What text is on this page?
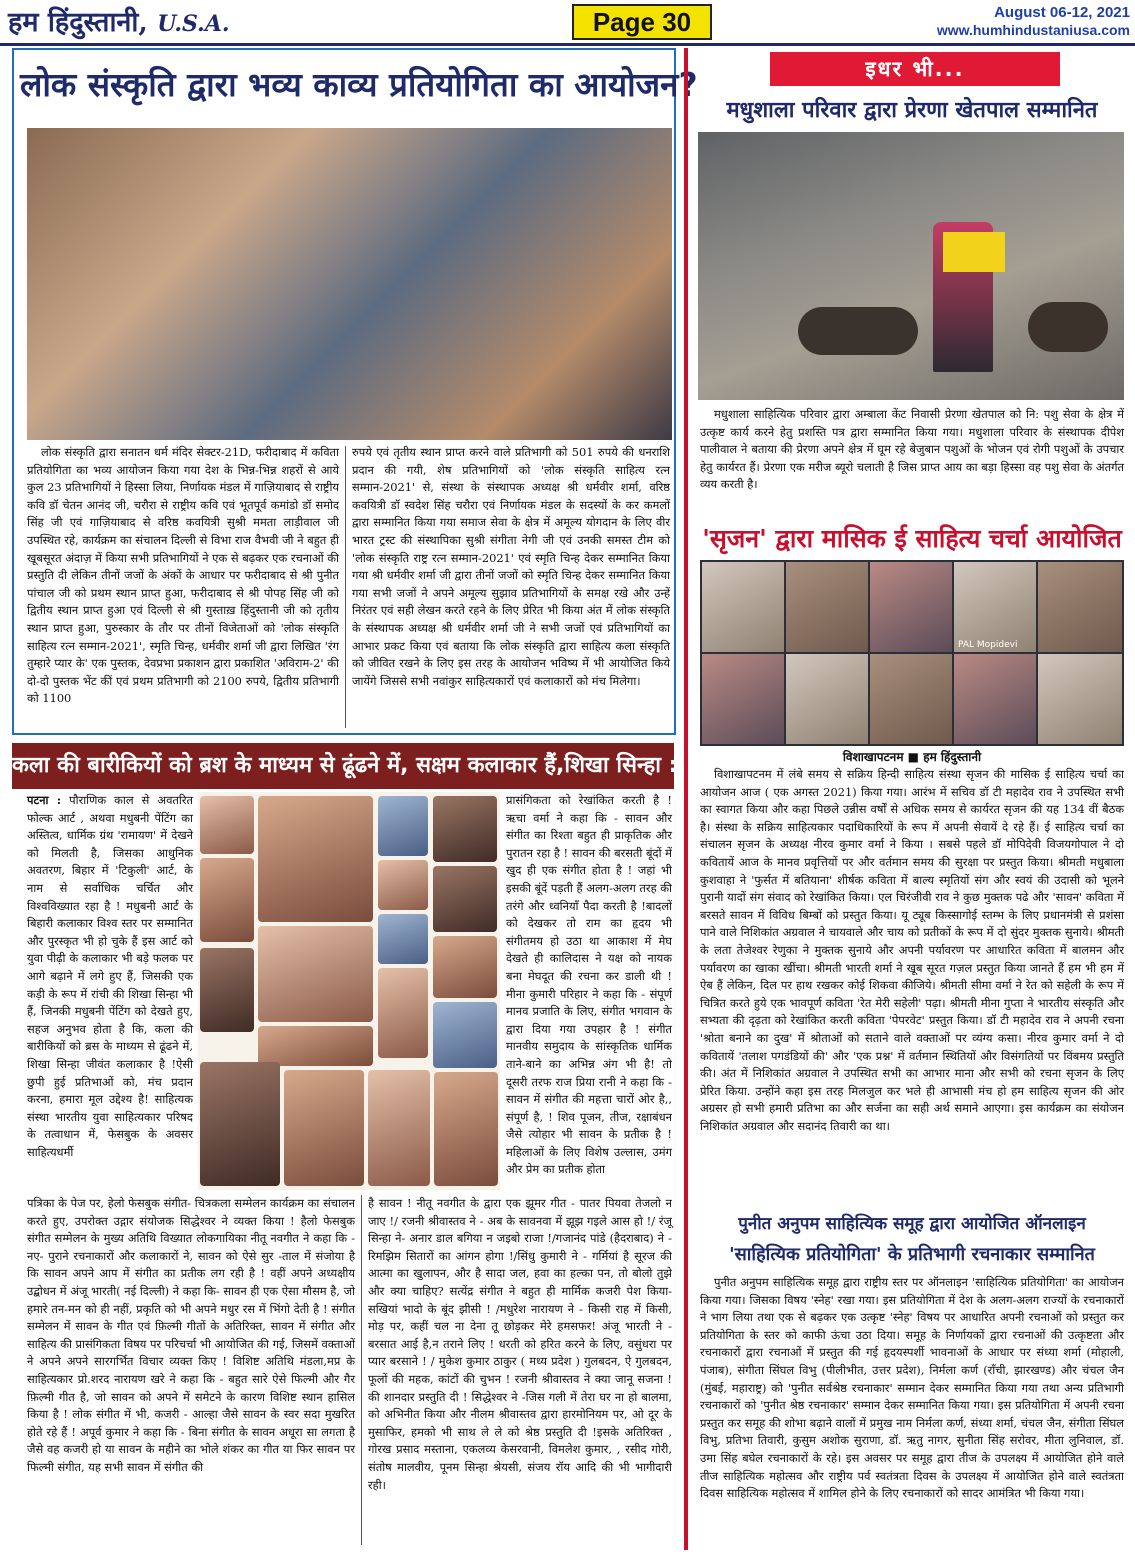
हम हिंदुस्तानी, U.S.A.	Page 30	August 06-12, 2021
www.humhindustaniusa.com
लोक संस्कृति द्वारा भव्य काव्य प्रतियोगिता का आयोजन?

लोक संस्कृति द्वारा सनातन धर्म मंदिर सेक्टर-21D, फरीदाबाद में कविता प्रतियोगिता का भव्य आयोजन किया गया देश के भिन्न-भिन्न शहरों से आये कुल 23 प्रतिभागियों ने हिस्सा लिया, निर्णायक मंडल में गाज़ियाबाद से राष्ट्रीय कवि डॉ चेतन आनंद जी, चरौरा से राष्ट्रीय कवि एवं भूतपूर्व कमांडो डॉ समोद सिंह जी एवं गाज़ियाबाद से वरिष्ठ कवयित्री सुश्री ममता लाड़ीवाल जी उपस्थित रहे, कार्यक्रम का संचालन दिल्ली से विभा राज वैभवी जी ने बहुत ही खूबसूरत अंदाज़ में किया सभी प्रतिभागियों ने एक से बढ़कर एक रचनाओं की प्रस्तुति दी लेकिन तीनों जजों के अंकों के आधार पर फरीदाबाद से श्री पुनीत पांचाल जी को प्रथम स्थान प्राप्त हुआ, फरीदाबाद से श्री पोपह सिंह जी को द्वितीय स्थान प्राप्त हुआ एवं दिल्ली से श्री गुस्ताख़ हिंदुस्तानी जी को तृतीय स्थान प्राप्त हुआ, पुरुस्कार के तौर पर तीनों विजेताओं को 'लोक संस्कृति साहित्य रत्न सम्मान-2021', स्मृति चिन्ह, धर्मवीर शर्मा जी द्वारा लिखित 'रंग तुम्हारे प्यार के' एक पुस्तक, देवप्रभा प्रकाशन द्वारा प्रकाशित 'अविराम-2' की दो-दो पुस्तक भेंट कीं एवं प्रथम प्रतिभागी को 2100 रुपये, द्वितीय प्रतिभागी को 1100

रुपये एवं तृतीय स्थान प्राप्त करने वाले प्रतिभागी को 501 रुपये की धनराशि प्रदान की गयी, शेष प्रतिभागियों को 'लोक संस्कृति साहित्य रत्न सम्मान-2021' से, संस्था के संस्थापक अध्यक्ष श्री धर्मवीर शर्मा, वरिष्ठ कवयित्री डॉ स्वदेश सिंह चरौरा एवं निर्णायक मंडल के सदस्यों के कर कमलों द्वारा सम्मानित किया गया समाज सेवा के क्षेत्र में अमूल्य योगदान के लिए वीर भारत ट्रस्ट की संस्थापिका सुश्री संगीता नेगी जी एवं उनकी समस्त टीम को 'लोक संस्कृति राष्ट्र रत्न सम्मान-2021' एवं स्मृति चिन्ह देकर सम्मानित किया गया श्री धर्मवीर शर्मा जी द्वारा तीनों जजों को स्मृति चिन्ह देकर सम्मानित किया गया सभी जजों ने अपने अमूल्य सुझाव प्रतिभागियों के समक्ष रखे और उन्हें निरंतर एवं सही लेखन करते रहने के लिए प्रेरित भी किया अंत में लोक संस्कृति के संस्थापक अध्यक्ष श्री धर्मवीर शर्मा जी ने सभी जजों एवं प्रतिभागियों का आभार प्रकट किया एवं बताया कि लोक संस्कृति द्वारा साहित्य कला संस्कृति को जीवित रखने के लिए इस तरह के आयोजन भविष्य में भी आयोजित किये जायेंगे जिससे सभी नवांकुर साहित्यकारों एवं कलाकारों को मंच मिलेगा।

कला की बारीकियों को ब्रश के माध्यम से ढूंढने में, सक्षम कलाकार हैं,शिखा सिन्हा : सिद्धेश्वर

पटना : पौराणिक काल से अवतरित फोल्क आर्ट , अथवा मधुबनी पेंटिंग का अस्तित्व, धार्मिक ग्रंथ 'रामायण' में देखने को मिलती है, जिसका आधुनिक अवतरण, बिहार में 'टिकुली' आर्ट, के नाम से सर्वाधिक चर्चित और विश्वविख्यात रहा है ! मधुबनी आर्ट के बिहारी कलाकार विश्व स्तर पर सम्मानित और पुरस्कृत भी हो चुके हैं इस आर्ट को युवा पीढ़ी के कलाकार भी बड़े फलक पर आगे बढ़ाने में लगे हुए हैं, जिसकी एक कड़ी के रूप में रांची की शिखा सिन्हा भी हैं, जिनकी मधुबनी पेंटिंग को देखते हुए, सहज अनुभव होता है कि, कला की बारीकियों को ब्रस के माध्यम से ढूंढने में, शिखा सिन्हा जीवंत कलाकार है !ऐसी छुपी हुई प्रतिभाओं को, मंच प्रदान करना, हमारा मूल उद्देश्य है! साहित्यक संस्था भारतीय युवा साहित्यकार परिषद के तत्वाधान में, फेसबुक के अवसर साहित्यधर्मी

प्रासंगिकता को रेखांकित करती है ! ऋचा वर्मा ने कहा कि - सावन और संगीत का रिश्ता बहुत ही प्राकृतिक और पुरातन रहा है ! सावन की बरसती बूंदों में खुद ही एक संगीत होता है ! जहां भी इसकी बूंदें पड़ती हैं अलग-अलग तरह की तरंगे और ध्वनियाँ पैदा करती है !बादलों को देखकर तो राम का हृदय भी संगीतमय हो उठा था आकाश में मेघ देखते ही कालिदास ने यक्ष को नायक बना मेघदूत की रचना कर डाली थी ! मीना कुमारी परिहार ने कहा कि - संपूर्ण मानव प्रजाति के लिए, संगीत भगवान के द्वारा दिया गया उपहार है ! संगीत मानवीय समुदाय के सांस्कृतिक धार्मिक ताने-बाने का अभिन्न अंग भी है! तो दूसरी तरफ राज प्रिया रानी ने कहा कि - सावन में संगीत की महत्ता चारों ओर है,, संपूर्ण है, ! शिव पूजन, तीज, रक्षाबंधन जैसे त्योहार भी सावन के प्रतीक है !महिलाओं के लिए विशेष उल्लास, उमंग और प्रेम का प्रतीक होता

पत्रिका के पेज पर, हेलो फेसबुक संगीत- चित्रकला सम्मेलन कार्यक्रम का संचालन करते हुए, उपरोक्त उद्गार संयोजक सिद्धेश्वर ने व्यक्त किया ! हैलो फेसबुक संगीत सम्मेलन के मुख्य अतिथि विख्यात लोकगायिका नीतू नवगीत ने कहा कि - नए- पुराने रचनाकारों और कलाकारों ने, सावन को ऐसे सुर -ताल में संजोया है कि सावन अपने आप में संगीत का प्रतीक लग रही है ! वहीं अपने अध्यक्षीय उद्बोधन में अंजू भारती( नई दिल्ली) ने कहा कि- सावन ही एक ऐसा मौसम है, जो हमारे तन-मन को ही नहीं, प्रकृति को भी अपने मधुर रस में भिंगो देती है ! संगीत सम्मेलन में सावन के गीत एवं फ़िल्मी गीतों के अतिरिक्त, सावन में संगीत और साहित्य की प्रासंगिकता विषय पर परिचर्चा भी आयोजित की गई, जिसमें वक्ताओं ने अपने अपने सारगर्भित विचार व्यक्त किए ! विशिष्ट अतिथि मंडला,मप्र के साहित्यकार प्रो.शरद नारायण खरे ने कहा कि - बहुत सारे ऐसे फिल्मी और गैर फ़िल्मी गीत है, जो सावन को अपने में समेटने के कारण विशिष्ट स्थान हासिल किया है ! लोक संगीत में भी, कजरी - आल्हा जैसे सावन के स्वर सदा मुखरित होते रहे हैं ! अपूर्व कुमार ने कहा कि - बिना संगीत के सावन अधूरा सा लगता है जैसे वह कजरी हो या सावन के महीने का भोले शंकर का गीत या फिर सावन पर फिल्मी संगीत, यह सभी सावन में संगीत की

है सावन ! नीतू नवगीत के द्वारा एक झूमर गीत - पातर पियवा तेजलो न जाए !/ रजनी श्रीवास्तव ने - अब के सावनवा में झूझ गइले आस हो !/ रंजू सिन्हा ने- अनार डाल बगिया न जइबो राजा !/गजानंद पांडे (हैदराबाद) ने - रिमझिम सितारों का आंगन होगा !/सिंधु कुमारी ने - गर्मियां है सूरज की आत्मा का खुलापन, और है सादा जल, हवा का हल्का पन, तो बोलो तुझे और क्या चाहिए? सत्येंद्र संगीत ने बहुत ही मार्मिक कजरी पेश किया- सखियां भादो के बूंद झीसी ! /मधुरेश नारायण ने - किसी राह में किसी, मोड़ पर, कहीं चल ना देना तू छोड़कर मेरे हमसफर! अंजू भारती ने - बरसात आई है,न‍ तराने लिए ! धरती को हरित करने के लिए, वसुंधरा पर प्यार बरसाने ! / मुकेश कुमार ठाकुर ( मध्य प्रदेश ) गुलबदन, ऐ गुलबदन, फूलों की महक, कांटों की चुभन ! रजनी श्रीवास्तव ने क्या जानू सजना ! की शानदार प्रस्तुति दी ! सिद्धेश्वर ने -जिस गली में तेरा घर ना हो बालमा, को अभिनीत किया और नीलम श्रीवास्तव द्वारा हारमोनियम पर, ओ दूर के मुसाफिर, हमको भी साथ ले ले को श्रेष्ठ प्रस्तुति दी !इसके अतिरिक्त , गोरख प्रसाद मस्ताना, एकलव्य केसरवानी, विमलेश कुमार, , रसीद गोरी, संतोष मालवीय, पूनम सिन्हा श्रेयसी, संजय रॉय आदि की भी भागीदारी रही।

इधर भी...
मधुशाला परिवार द्वारा प्रेरणा खेतपाल सम्मानित

मधुशाला साहित्यिक परिवार द्वारा अम्बाला केंट निवासी प्रेरणा खेतपाल को नि: पशु सेवा के क्षेत्र में उत्कृष्ट कार्य करने हेतु प्रशस्ति पत्र द्वारा सम्मानित किया गया। मधुशाला परिवार के संस्थापक दीपेश पालीवाल ने बताया की प्रेरणा अपने क्षेत्र में घूम रहे बेजुबान पशुओं के भोजन एवं रोगी पशुओं के उपचार हेतु कार्यरत हैं। प्रेरणा एक मरीज ब्यूरो चलाती है जिस प्राप्त आय का बड़ा हिस्सा वह पशु सेवा के अंतर्गत व्यय करती है।

'सृजन' द्वारा मासिक ई साहित्य चर्चा आयोजित
PAL Mopidevi
विशाखापटनम ■ हम हिंदुस्तानी

विशाखापटनम में लंबे समय से सक्रिय हिन्दी साहित्य संस्था सृजन की मासिक ई साहित्य चर्चा का आयोजन आज ( एक अगस्त 2021) किया गया। आरंभ में सचिव डॉ टी महादेव राव ने उपस्थित सभी का स्वागत किया और कहा पिछले उन्नीस वर्षों से अधिक समय से कार्यरत सृजन की यह 134 वीं बैठक है। संस्था के सक्रिय साहित्यकार पदाधिकारियों के रूप में अपनी सेवायें दे रहे हैं। ई साहित्य चर्चा का संचालन सृजन के अध्यक्ष नीरव कुमार वर्मा ने किया । सबसे पहले डॉ मोपिदेवी विजयगोपाल ने दो कवितायें आज के मानव प्रवृत्तियों पर और वर्तमान समय की सुरक्षा पर प्रस्तुत किया। श्रीमती मधुबाला कुशवाहा ने 'फुर्सत में बतियाना' शीर्षक कविता में बाल्य स्मृतियों संग और स्वयं की उदासी को भूलने पुरानी यादों संग संवाद को रेखांकित किया। एल चिरंजीवी राव ने कुछ मुक्तक पढे और 'सावन' कविता में बरसते सावन में विविध बिम्बों को प्रस्तुत किया। यू ट्यूब किस्सागोई स्तम्भ के लिए प्रधानमंत्री से प्रशंसा पाने वाले निशिकांत अग्रवाल ने चायवाले और चाय को प्रतीकों के रूप में दो सुंदर मुक्तक सुनाये। श्रीमती के लता तेजेश्वर रेणुका ने मुक्तक सुनाये और अपनी पर्यावरण पर आधारित कविता में बालमन और पर्यावरण का खाका खींचा। श्रीमती भारती शर्मा ने खूब सूरत गज़ल प्रस्तुत किया जानते हैं हम भी हम में ऐब हैं लेकिन, दिल पर हाथ रखकर कोई शिकवा कीजिये। श्रीमती सीमा वर्मा ने रेत को सहेली के रूप में चित्रित करते हुये एक भावपूर्ण कविता 'रेत मेरी सहेली' पढ़ा। श्रीमती मीना गुप्ता ने भारतीय संस्कृति और सभ्यता की दृढ़ता को रेखांकित करती कविता 'पेपरवेट' प्रस्तुत किया। डॉ टी महादेव राव ने अपनी रचना 'श्रोता बनाने का दुख' में श्रोताओं को सताने वाले वक्ताओं पर व्यंग्य कसा। नीरव कुमार वर्मा ने दो कवितायें 'तलाश पगडंडियों की' और 'एक प्रश्न' में वर्तमान स्थितियों और विसंगतियों पर विंबमय प्रस्तुति की। अंत में निशिकांत अग्रवाल ने उपस्थित सभी का आभार माना और सभी को रचना सृजन के लिए प्रेरित किया. उन्होंने कहा इस तरह मिलजुल कर भले ही आभासी मंच हो हम साहित्य सृजन की ओर अग्रसर हो सभी हमारी प्रतिभा का और सर्जना का सही अर्थ समाने आएगा। इस कार्यक्रम का संयोजन निशिकांत अग्रवाल और सदानंद तिवारी का था।

पुनीत अनुपम साहित्यिक समूह द्वारा आयोजित ऑनलाइन
'साहित्यिक प्रतियोगिता' के प्रतिभागी रचनाकार सम्मानित

पुनीत अनुपम साहित्यिक समूह द्वारा राष्ट्रीय स्तर पर ऑनलाइन 'साहित्यिक प्रतियोगिता' का आयोजन किया गया। जिसका विषय 'स्नेह' रखा गया। इस प्रतियोगिता में देश के अलग-अलग राज्यों के रचनाकारों ने भाग लिया तथा एक से बढ़कर एक उत्कृष्ट 'स्नेह' विषय पर आधारित अपनी रचनाओं को प्रस्तुत कर प्रतियोगिता के स्तर को काफी ऊंचा उठा दिया। समूह के निर्णायकों द्वारा रचनाओं की उत्कृष्टता और रचनाकारों द्वारा रचनाओं में प्रस्तुत की गई हृदयस्पर्शी भावनाओं के आधार पर संध्या शर्मा (मोहाली, पंजाब), संगीता सिंघल विभु (पीलीभीत, उत्तर प्रदेश), निर्मला कर्ण (राँची, झारखण्ड) और चंचल जैन (मुंबई, महाराष्ट्र) को 'पुनीत सर्वश्रेष्ठ रचनाकार' सम्मान देकर सम्मानित किया गया तथा अन्य प्रतिभागी रचनाकारों को 'पुनीत श्रेष्ठ रचनाकार' सम्मान देकर सम्मानित किया गया। इस प्रतियोगिता में अपनी रचना प्रस्तुत कर समूह की शोभा बढ़ाने वालों में प्रमुख नाम निर्मला कर्ण, संध्या शर्मा, चंचल जैन, संगीता सिंघल विभु, प्रतिभा तिवारी, कुसुम अशोक सुराणा, डॉ. ऋतु नागर, सुनीता सिंह सरोवर, मीता लुनिवाल, डॉ. उमा सिंह बघेल रचनाकारों के रहे। इस अवसर पर समूह द्वारा तीज के उपलक्ष्य में आयोजित होने वाले तीज साहित्यिक महोत्सव और राष्ट्रीय पर्व स्वतंत्रता दिवस के उपलक्ष्य में आयोजित होने वाले स्वतंत्रता दिवस साहित्यिक महोत्सव में शामिल होने के लिए रचनाकारों को सादर आमंत्रित भी किया गया।
